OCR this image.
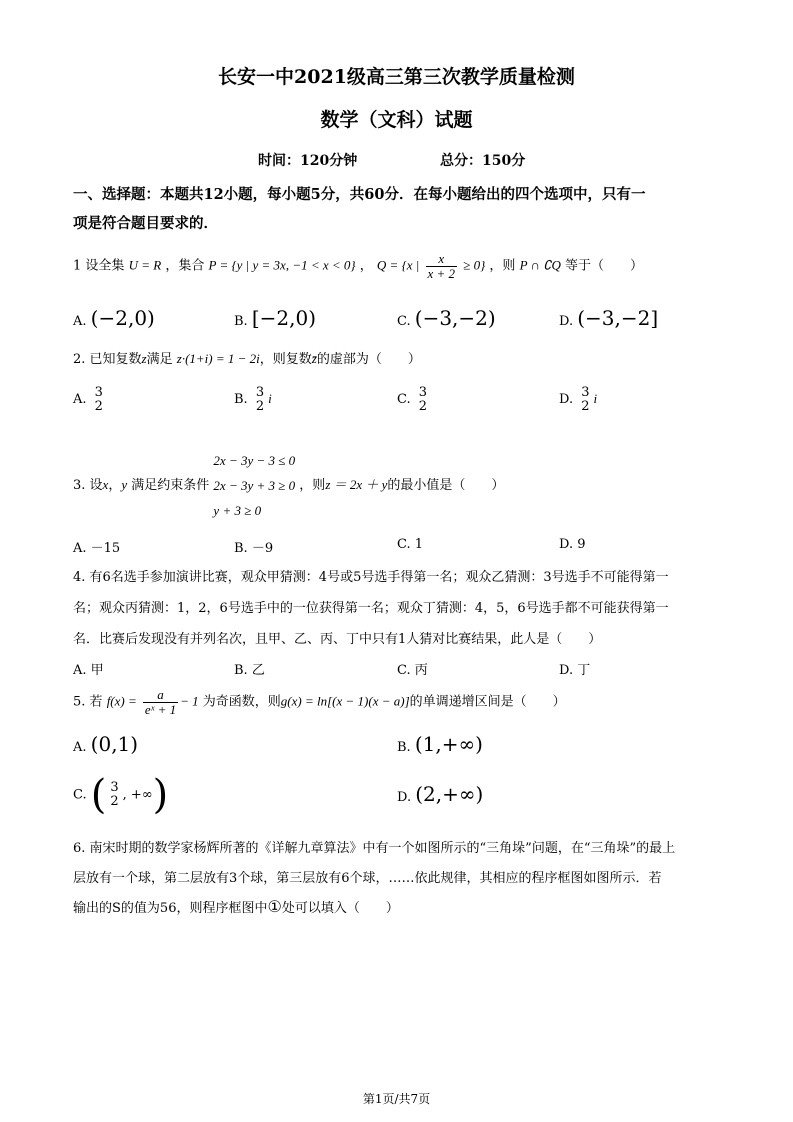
长安一中2021级高三第三次教学质量检测
数学（文科）试题
时间：120分钟	总分：150分
一、选择题：本题共12小题，每小题5分，共60分．在每小题给出的四个选项中，只有一
项是符合题目要求的．
1 设全集 U = R ，集合 P = {y | y = 3x, −1 < x < 0} ， Q = {x | $\frac{x}{x + 2} \ge 0$} ，则 P ∩ ∁Q 等于（　　）
A. (−2,0)	B. [−2,0)	C. (−3,−2)	D. (−3,−2]
2. 已知复数z满足 z·(1+i) = 1 − 2i，则复数z̄的虚部为（　　）
A. 3
2	B. 3
2 i	C. 3
2	D. 3
2 i
3. 设x，y 满足约束条件
2x − 3y − 3 ≤ 0
2x − 3y + 3 ≥ 0
y + 3 ≥ 0
，则z ＝ 2x ＋ y的最小值是（　　）
A. －15	B. －9	C. 1	D. 9
4. 有6名选手参加演讲比赛，观众甲猜测：4号或5号选手得第一名；观众乙猜测：3号选手不可能得第一
名；观众丙猜测：1，2，6号选手中的一位获得第一名；观众丁猜测：4，5，6号选手都不可能获得第一
名．比赛后发现没有并列名次，且甲、乙、丙、丁中只有1人猜对比赛结果，此人是（　　）
A. 甲	B. 乙	C. 丙	D. 丁
5. 若 $f(x) = \frac{a}{\text{eˣ + 1}} - 1$ 为奇函数，则g(x) = ln[(x − 1)(x − a)]的单调递增区间是（　　）
A. (0,1)	B. (1,+∞)
C. ( 3
2 , +∞)	D. (2,+∞)
6. 南宋时期的数学家杨辉所著的《详解九章算法》中有一个如图所示的“三角垛”问题，在“三角垛”的最上
层放有一个球，第二层放有3个球，第三层放有6个球，……依此规律，其相应的程序框图如图所示．若
输出的S的值为56，则程序框图中①处可以填入（　　）
第1页/共7页
